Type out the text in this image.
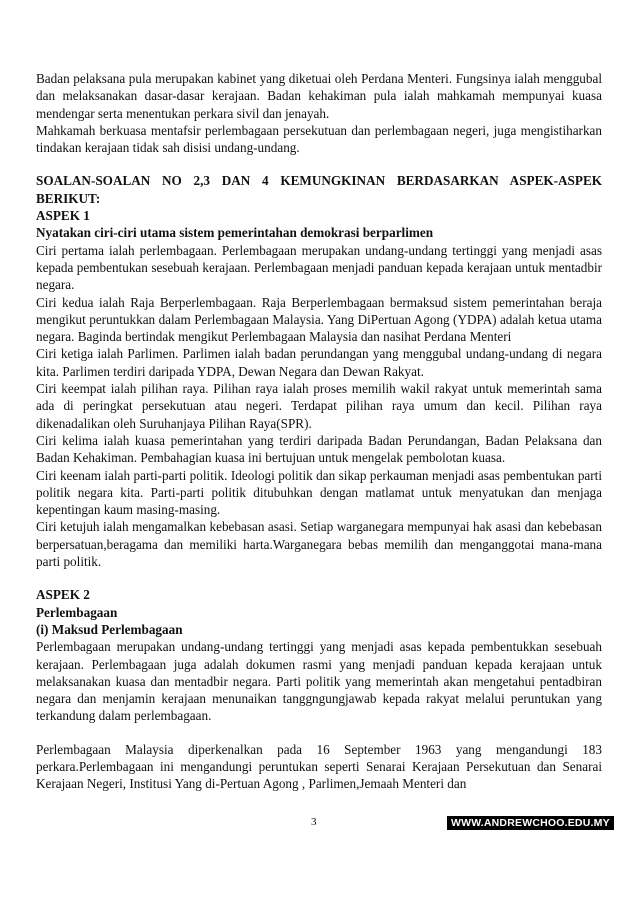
Badan pelaksana pula merupakan kabinet yang diketuai oleh Perdana Menteri. Fungsinya ialah menggubal dan melaksanakan dasar-dasar kerajaan. Badan kehakiman pula ialah mahkamah mempunyai kuasa mendengar serta menentukan perkara sivil dan jenayah.

Mahkamah berkuasa mentafsir perlembagaan persekutuan dan perlembagaan negeri, juga mengistiharkan tindakan kerajaan tidak sah disisi undang-undang.

SOALAN-SOALAN NO 2,3 DAN 4 KEMUNGKINAN BERDASARKAN ASPEK-ASPEK BERIKUT:

ASPEK 1

Nyatakan ciri-ciri utama sistem pemerintahan demokrasi berparlimen

Ciri pertama ialah perlembagaan. Perlembagaan merupakan undang-undang tertinggi yang menjadi asas kepada pembentukan sesebuah kerajaan. Perlembagaan menjadi panduan kepada kerajaan untuk mentadbir negara.

Ciri kedua ialah Raja Berperlembagaan. Raja Berperlembagaan bermaksud sistem pemerintahan beraja mengikut peruntukkan dalam Perlembagaan Malaysia. Yang DiPertuan Agong (YDPA) adalah ketua utama negara. Baginda bertindak mengikut Perlembagaan Malaysia dan nasihat Perdana Menteri

Ciri ketiga ialah Parlimen. Parlimen ialah badan perundangan yang menggubal undang-undang di negara kita. Parlimen terdiri daripada YDPA, Dewan Negara dan Dewan Rakyat.

Ciri keempat ialah pilihan raya. Pilihan raya ialah proses memilih wakil rakyat untuk memerintah sama ada di peringkat persekutuan atau negeri. Terdapat pilihan raya umum dan kecil. Pilihan raya dikenadalikan oleh Suruhanjaya Pilihan Raya(SPR).

Ciri kelima ialah kuasa pemerintahan yang terdiri daripada Badan Perundangan, Badan Pelaksana dan Badan Kehakiman. Pembahagian kuasa ini bertujuan untuk mengelak pembolotan kuasa.

Ciri keenam ialah parti-parti politik. Ideologi politik dan sikap perkauman menjadi asas pembentukan parti politik negara kita. Parti-parti politik ditubuhkan dengan matlamat untuk menyatukan dan menjaga kepentingan kaum masing-masing.

Ciri ketujuh ialah mengamalkan kebebasan asasi. Setiap warganegara mempunyai hak asasi dan kebebasan berpersatuan,beragama dan memiliki harta.Warganegara bebas memilih dan menganggotai mana-mana parti politik.

ASPEK 2

Perlembagaan

(i) Maksud Perlembagaan

Perlembagaan merupakan undang-undang tertinggi yang menjadi asas kepada pembentukkan sesebuah kerajaan. Perlembagaan juga adalah dokumen rasmi yang menjadi panduan kepada kerajaan untuk melaksanakan kuasa dan mentadbir negara. Parti politik yang memerintah akan mengetahui pentadbiran negara dan menjamin kerajaan menunaikan tanggngungjawab kepada rakyat melalui peruntukan yang terkandung dalam perlembagaan.

Perlembagaan Malaysia diperkenalkan pada 16 September 1963 yang mengandungi 183 perkara.Perlembagaan ini mengandungi peruntukan seperti Senarai Kerajaan Persekutuan dan Senarai Kerajaan Negeri, Institusi Yang di-Pertuan Agong , Parlimen,Jemaah Menteri dan

3	WWW.ANDREWCHOO.EDU.MY
